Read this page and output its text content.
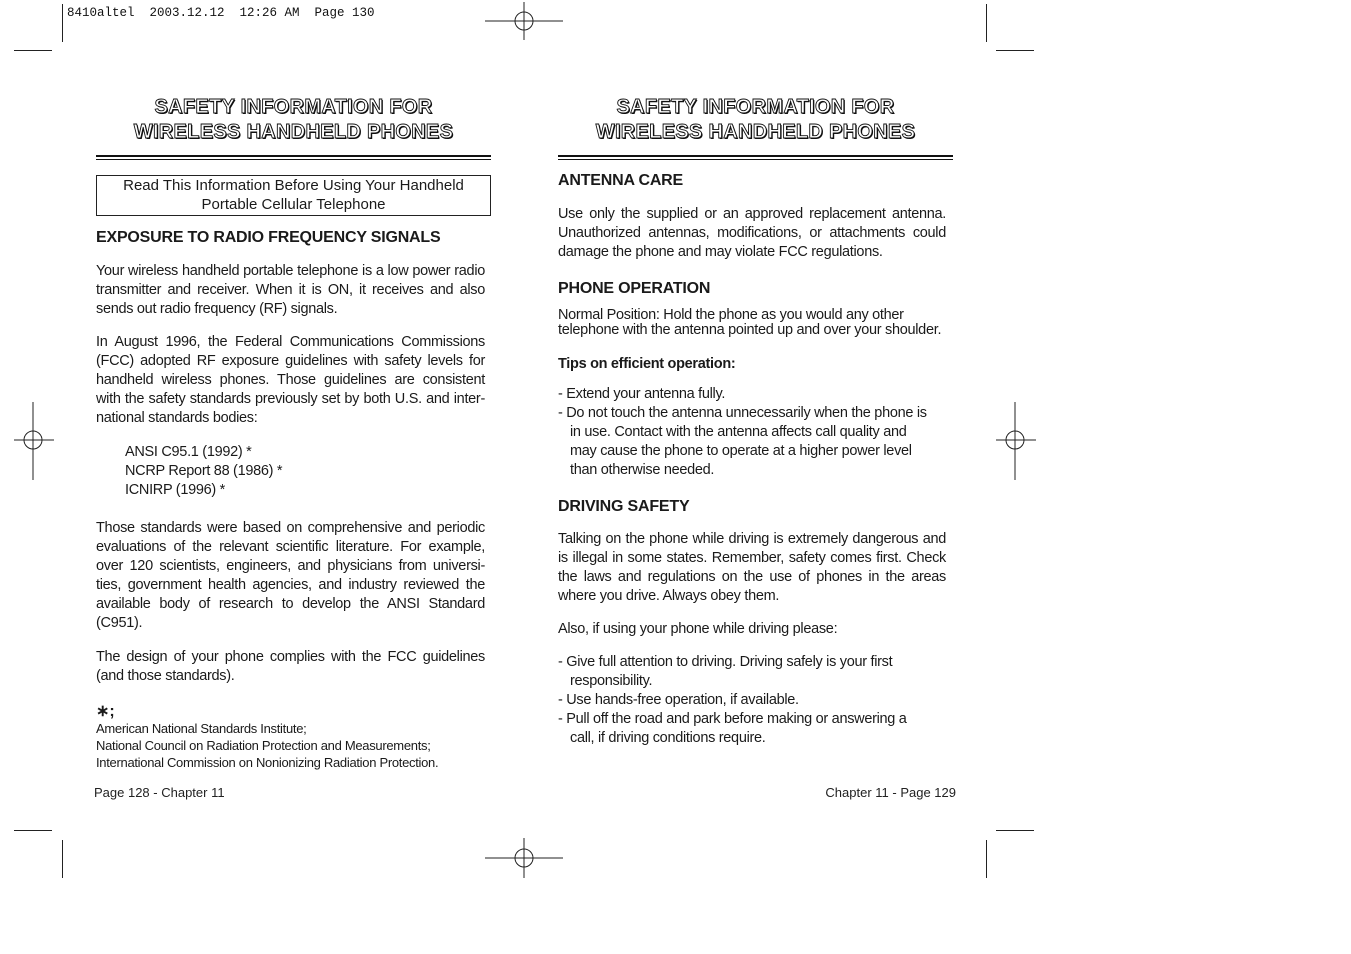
8410altel  2003.12.12  12:26 AM  Page 130
SAFETY INFORMATION FOR
WIRELESS HANDHELD PHONES
Read This Information Before Using Your Handheld
Portable Cellular Telephone
EXPOSURE TO RADIO FREQUENCY SIGNALS

Your wireless handheld portable telephone is a low power radio transmitter and receiver. When it is ON, it receives and also sends out radio frequency (RF) signals.

In August 1996, the Federal Communications Commissions (FCC) adopted RF exposure guidelines with safety levels for handheld wireless phones. Those guidelines are consistent with the safety standards previously set by both U.S. and inter-national standards bodies:

ANSI C95.1 (1992) *
NCRP Report 88 (1986) *
ICNIRP (1996) *

Those standards were based on comprehensive and periodic evaluations of the relevant scientific literature. For example, over 120 scientists, engineers, and physicians from universi-ties, government health agencies, and industry reviewed the available body of research to develop the ANSI Standard (C951).

The design of your phone complies with the FCC guidelines (and those standards).

∗;
American National Standards Institute;
National Council on Radiation Protection and Measurements;
International Commission on Nonionizing Radiation Protection.
Page 128 - Chapter 11
SAFETY INFORMATION FOR
WIRELESS HANDHELD PHONES
ANTENNA CARE

Use only the supplied or an approved replacement antenna. Unauthorized antennas, modifications, or attachments could damage the phone and may violate FCC regulations.

PHONE OPERATION
Normal Position: Hold the phone as you would any other
telephone with the antenna pointed up and over your shoulder.
Tips on efficient operation:
- Extend your antenna fully.
- Do not touch the antenna unnecessarily when the phone is in use. Contact with the antenna affects call quality and may cause the phone to operate at a higher power level than otherwise needed.
DRIVING SAFETY

Talking on the phone while driving is extremely dangerous and is illegal in some states. Remember, safety comes first. Check the laws and regulations on the use of phones in the areas where you drive. Always obey them.

Also, if using your phone while driving please:
- Give full attention to driving. Driving safely is your first responsibility.
- Use hands-free operation, if available.
- Pull off the road and park before making or answering a call, if driving conditions require.
Chapter 11 - Page 129
